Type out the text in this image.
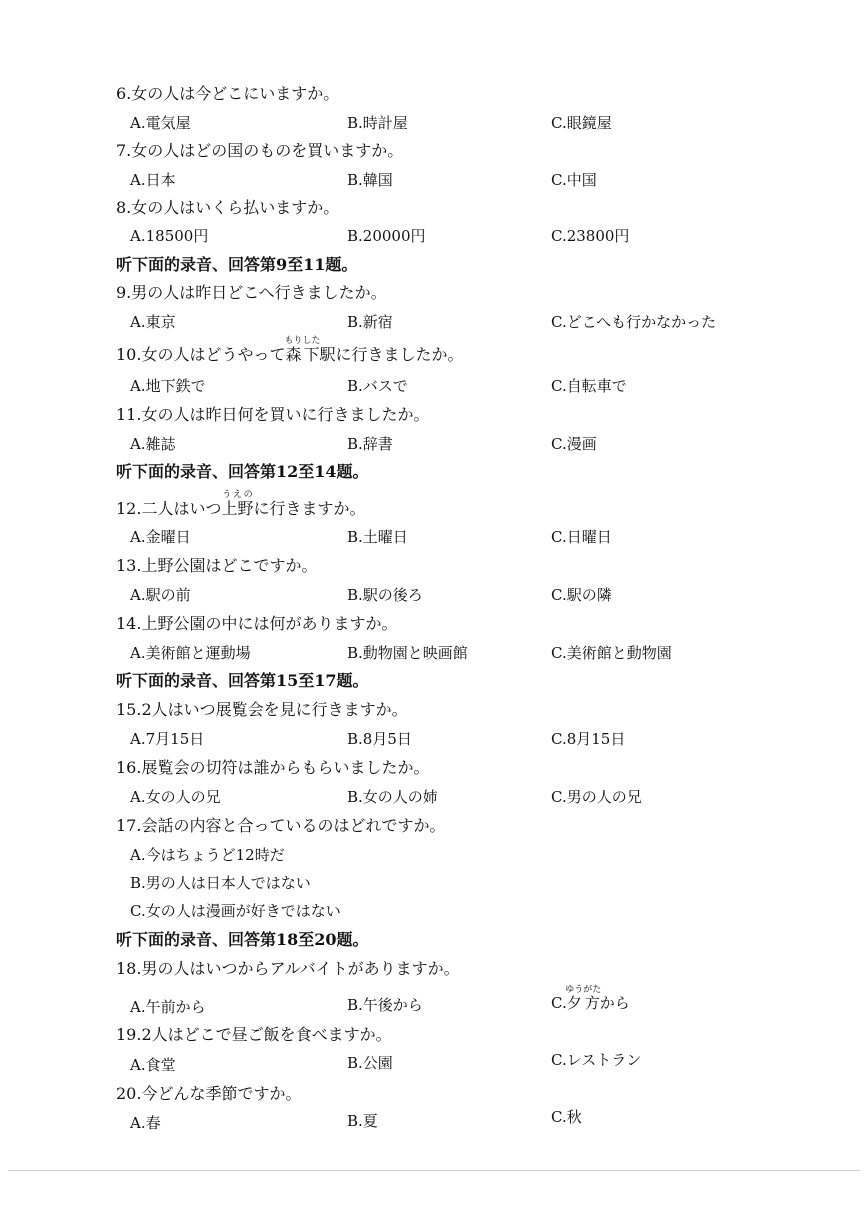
6.女の人は今どこにいますか。
A.電気屋	B.時計屋	C.眼鏡屋
7.女の人はどの国のものを買いますか。
A.日本	B.韓国	C.中国
8.女の人はいくら払いますか。
A.18500円	B.20000円	C.23800円
听下面的录音、回答第9至11题。
9.男の人は昨日どこへ行きましたか。
A.東京	B.新宿	C.どこへも行かなかった
10.女の人はどうやって森下もりした駅に行きましたか。
A.地下鉄で	B.バスで	C.自転車で
11.女の人は昨日何を買いに行きましたか。
A.雑誌	B.辞書	C.漫画
听下面的录音、回答第12至14题。
12.二人はいつ上野うえのに行きますか。
A.金曜日	B.土曜日	C.日曜日
13.上野公園はどこですか。
A.駅の前	B.駅の後ろ	C.駅の隣
14.上野公園の中には何がありますか。
A.美術館と運動場	B.動物園と映画館	C.美術館と動物園
听下面的录音、回答第15至17题。
15.2人はいつ展覧会を見に行きますか。
A.7月15日	B.8月5日	C.8月15日
16.展覧会の切符は誰からもらいましたか。
A.女の人の兄	B.女の人の姉	C.男の人の兄
17.会話の内容と合っているのはどれですか。
A.今はちょうど12時だ
B.男の人は日本人ではない
C.女の人は漫画が好きではない
听下面的录音、回答第18至20题。
18.男の人はいつからアルバイトがありますか。
A.午前から	B.午後から	C.夕方ゆうがたから
19.2人はどこで昼ご飯を食べますか。
A.食堂	B.公園	C.レストラン
20.今どんな季節ですか。
A.春	B.夏	C.秋
